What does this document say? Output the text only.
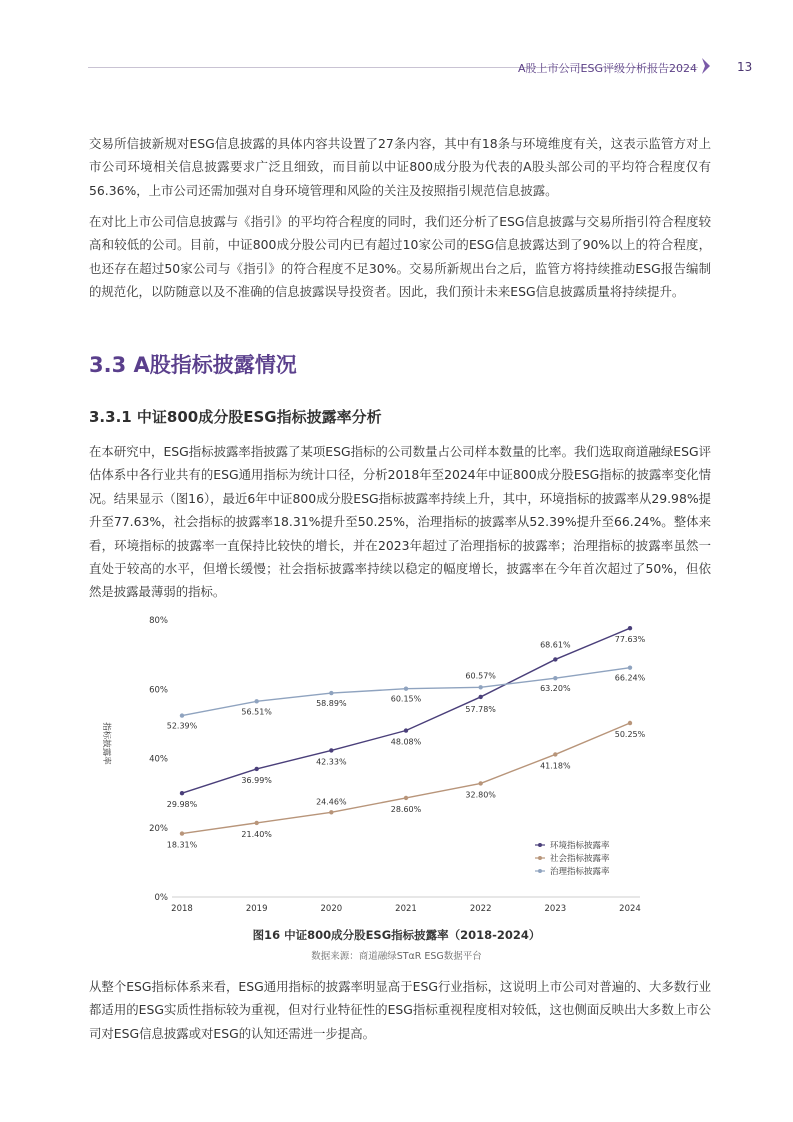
A股上市公司ESG评级分析报告2024	13

交易所信披新规对ESG信息披露的具体内容共设置了27条内容，其中有18条与环境维度有关，这表示监管方对上市公司环境相关信息披露要求广泛且细致，而目前以中证800成分股为代表的A股头部公司的平均符合程度仅有56.36%，上市公司还需加强对自身环境管理和风险的关注及按照指引规范信息披露。

在对比上市公司信息披露与《指引》的平均符合程度的同时，我们还分析了ESG信息披露与交易所指引符合程度较高和较低的公司。目前，中证800成分股公司内已有超过10家公司的ESG信息披露达到了90%以上的符合程度，也还存在超过50家公司与《指引》的符合程度不足30%。交易所新规出台之后，监管方将持续推动ESG报告编制的规范化，以防随意以及不准确的信息披露误导投资者。因此，我们预计未来ESG信息披露质量将持续提升。

3.3 A股指标披露情况
3.3.1 中证800成分股ESG指标披露率分析

在本研究中，ESG指标披露率指披露了某项ESG指标的公司数量占公司样本数量的比率。我们选取商道融绿ESG评估体系中各行业共有的ESG通用指标为统计口径，分析2018年至2024年中证800成分股ESG指标的披露率变化情况。结果显示（图16），最近6年中证800成分股ESG指标披露率持续上升，其中，环境指标的披露率从29.98%提升至77.63%，社会指标的披露率18.31%提升至50.25%，治理指标的披露率从52.39%提升至66.24%。整体来看，环境指标的披露率一直保持比较快的增长，并在2023年超过了治理指标的披露率；治理指标的披露率虽然一直处于较高的水平，但增长缓慢；社会指标披露率持续以稳定的幅度增长，披露率在今年首次超过了50%，但依然是披露最薄弱的指标。

0%
20%
40%
60%
80%
2018	2019	2020	2021	2022	2023	2024
指标披露率
29.98%
36.99%
42.33%
48.08%
57.78%
68.61%
77.63%
18.31%
21.40%
24.46%
28.60%
32.80%
41.18%
50.25%
52.39%
56.51%
58.89%	60.15%
60.57%
63.20%
66.24%
环境指标披露率
社会指标披露率
治理指标披露率
图16 中证800成分股ESG指标披露率（2018-2024）
数据来源：商道融绿STαR ESG数据平台

从整个ESG指标体系来看，ESG通用指标的披露率明显高于ESG行业指标，这说明上市公司对普遍的、大多数行业都适用的ESG实质性指标较为重视，但对行业特征性的ESG指标重视程度相对较低，这也侧面反映出大多数上市公司对ESG信息披露或对ESG的认知还需进一步提高。
